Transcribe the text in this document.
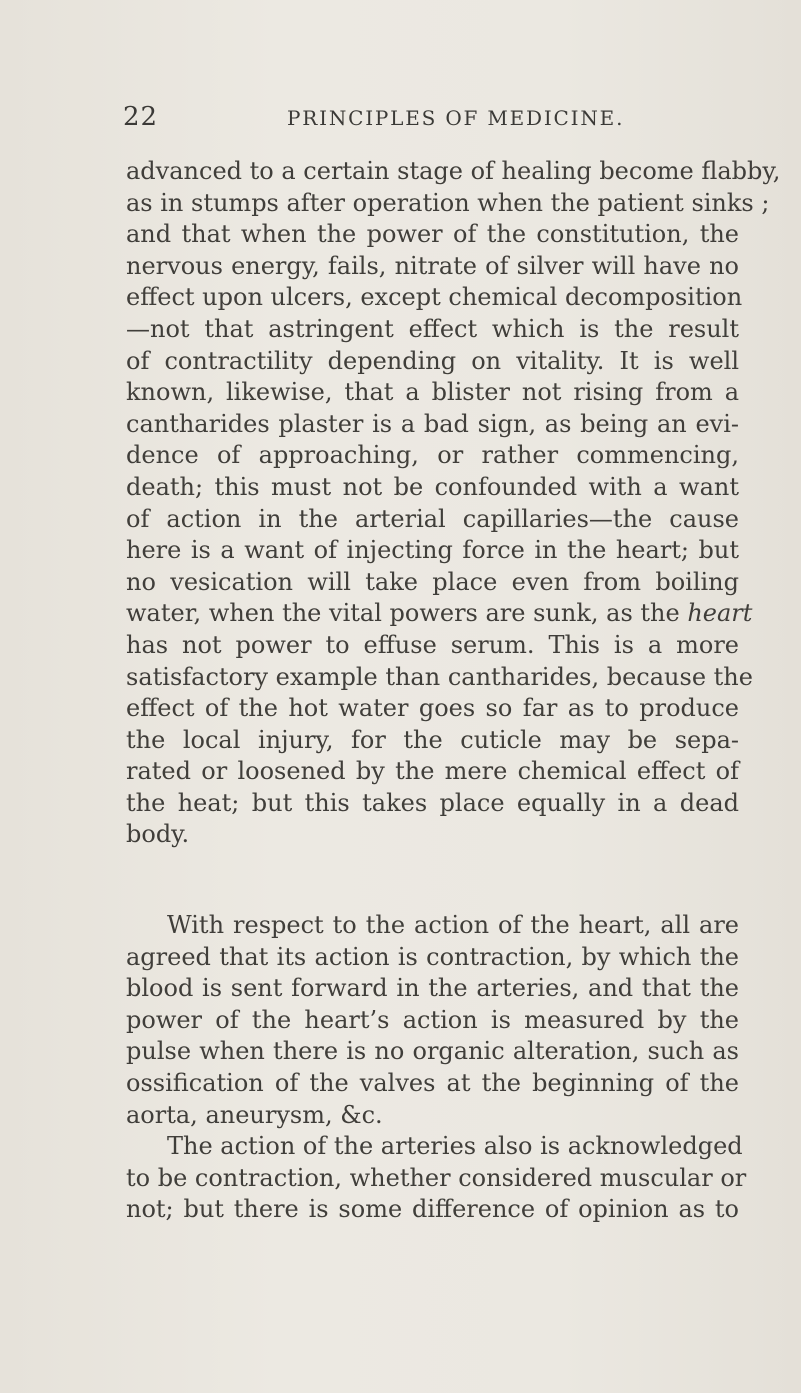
22	PRINCIPLES OF MEDICINE.
advanced to a certain stage of healing become flabby,
as in stumps after operation when the patient sinks ;
and that when the power of the constitution, the
nervous energy, fails, nitrate of silver will have no
effect upon ulcers, except chemical decomposition
—not that astringent effect which is the result
of contractility depending on vitality. It is well
known, likewise, that a blister not rising from a
cantharides plaster is a bad sign, as being an evi-
dence of approaching, or rather commencing,
death; this must not be confounded with a want
of action in the arterial capillaries—the cause
here is a want of injecting force in the heart; but
no vesication will take place even from boiling
water, when the vital powers are sunk, as the heart
has not power to effuse serum. This is a more
satisfactory example than cantharides, because the
effect of the hot water goes so far as to produce
the local injury, for the cuticle may be sepa-
rated or loosened by the mere chemical effect of
the heat; but this takes place equally in a dead
body.
With respect to the action of the heart, all are
agreed that its action is contraction, by which the
blood is sent forward in the arteries, and that the
power of the heart’s action is measured by the
pulse when there is no organic alteration, such as
ossification of the valves at the beginning of the
aorta, aneurysm, &c.
The action of the arteries also is acknowledged
to be contraction, whether considered muscular or
not; but there is some difference of opinion as to
